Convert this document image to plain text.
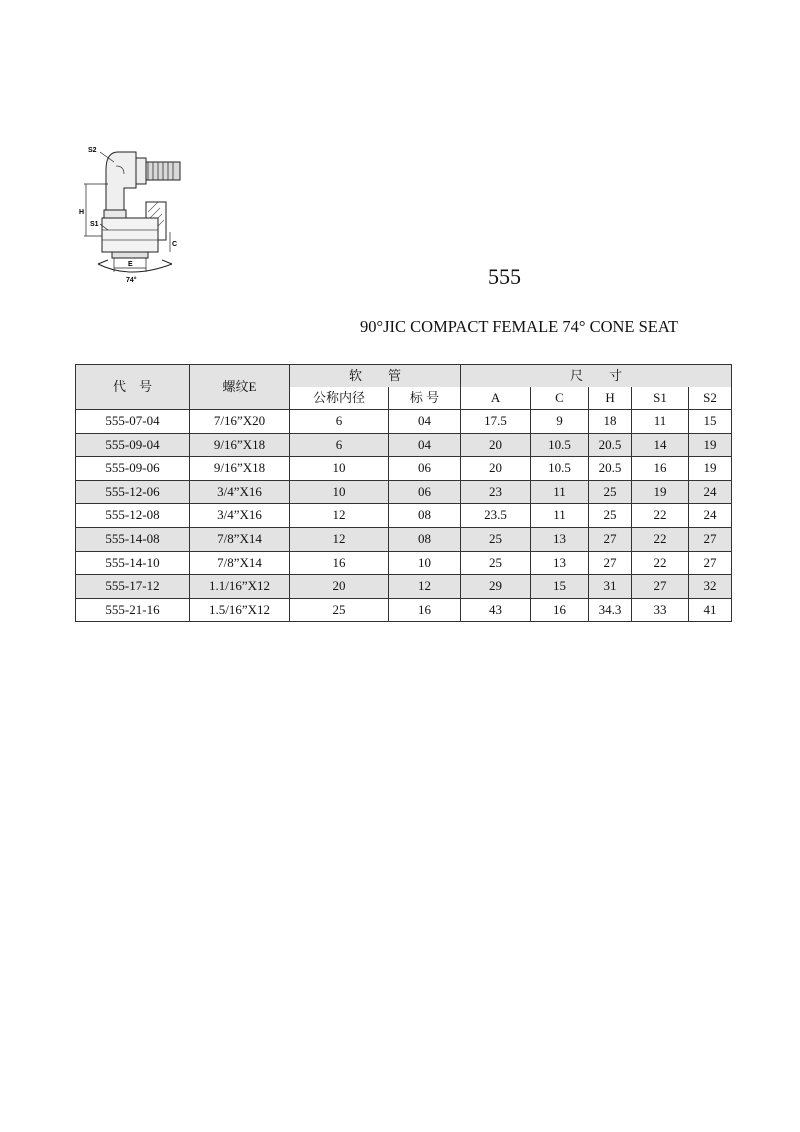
S2
H
S1
C
E
74°	555
90°JIC COMPACT FEMALE 74° CONE SEAT
代　号	螺纹E	软　　管		尺　　寸				
		公称内径	标 号	A	C	H	S1	S2
555-07-04	7/16”X20	6	04	17.5	9	18	11	15
555-09-04	9/16”X18	6	04	20	10.5	20.5	14	19
555-09-06	9/16”X18	10	06	20	10.5	20.5	16	19
555-12-06	3/4”X16	10	06	23	11	25	19	24
555-12-08	3/4”X16	12	08	23.5	11	25	22	24
555-14-08	7/8”X14	12	08	25	13	27	22	27
555-14-10	7/8”X14	16	10	25	13	27	22	27
555-17-12	1.1/16”X12	20	12	29	15	31	27	32
555-21-16	1.5/16”X12	25	16	43	16	34.3	33	41
